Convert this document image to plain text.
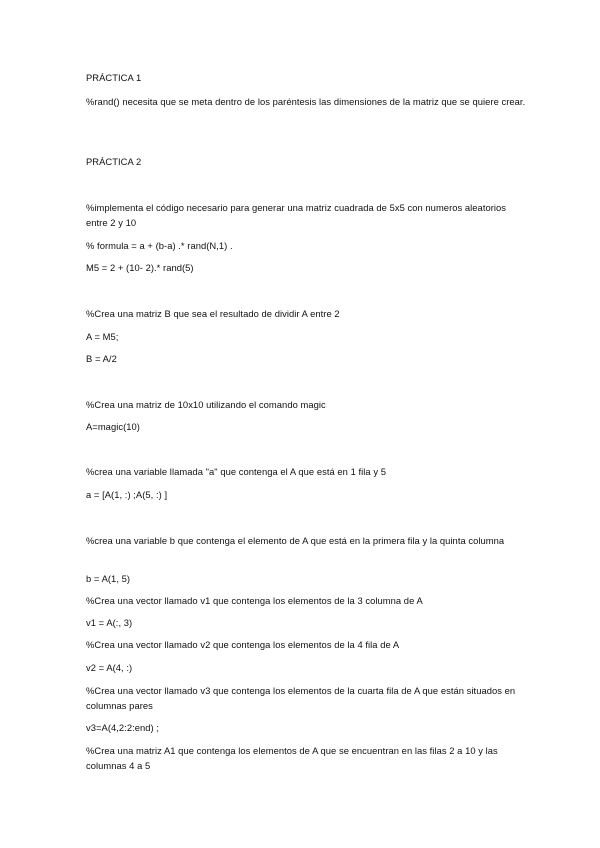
PRÁCTICA 1
%rand() necesita que se meta dentro de los paréntesis las dimensiones de la matriz que se quiere crear.
PRÁCTICA 2
%implementa el código necesario para generar una matriz cuadrada de 5x5 con numeros aleatorios entre 2 y 10
% formula = a + (b-a) .* rand(N,1) .
M5 = 2 + (10- 2).* rand(5)
%Crea una matriz B que sea el resultado de dividir A entre 2
A = M5;
B = A/2
%Crea una matriz de 10x10 utilizando el comando magic
A=magic(10)
%crea una variable llamada "a" que contenga el A que está en 1 fila y 5
a = [A(1, :) ;A(5, :) ]
%crea una variable b que contenga el elemento de A que está en la primera fila y la quinta columna
b = A(1, 5)
%Crea una vector llamado v1 que contenga los elementos de la 3 columna de A
v1 = A(:, 3)
%Crea una vector llamado v2 que contenga los elementos de la 4 fila de A
v2 = A(4, :)
%Crea una vector llamado v3 que contenga los elementos de la cuarta fila de A que están situados en columnas pares
v3=A(4,2:2:end) ;
%Crea una matriz A1 que contenga los elementos de A que se encuentran en las filas 2 a 10 y las columnas 4 a 5
